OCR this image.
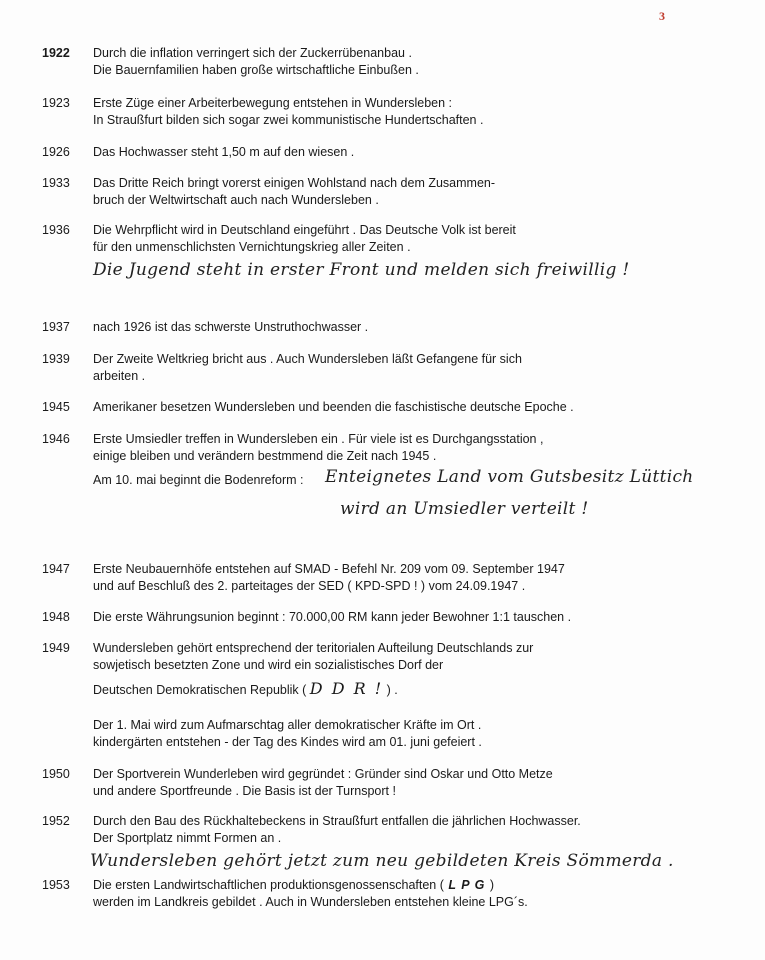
3
1922 Durch die inflation verringert sich der Zuckerrübenanbau .
Die Bauernfamilien haben große wirtschaftliche Einbußen .
1923 Erste Züge einer Arbeiterbewegung entstehen in Wundersleben :
In Straußfurt bilden sich sogar zwei kommunistische Hundertschaften .
1926 Das Hochwasser steht 1,50 m auf den wiesen .
1933 Das Dritte Reich bringt vorerst einigen Wohlstand nach dem Zusammen-
bruch der Weltwirtschaft auch nach Wundersleben .
1936 Die Wehrpflicht wird in Deutschland eingeführt . Das Deutsche Volk ist bereit
für den unmenschlichsten Vernichtungskrieg aller Zeiten .
Die Jugend steht in erster Front und melden sich freiwillig !
1937 nach 1926 ist das schwerste Unstruthochwasser .
1939 Der Zweite Weltkrieg bricht aus . Auch Wundersleben läßt Gefangene für sich
arbeiten .
1945 Amerikaner besetzen Wundersleben und beenden die faschistische deutsche Epoche .
1946 Erste Umsiedler treffen in Wundersleben ein . Für viele ist es Durchgangsstation ,
einige bleiben und verändern bestmmend die Zeit nach 1945 .
Am 10. mai beginnt die Bodenreform :	Enteignetes Land vom Gutsbesitz Lüttich
wird an Umsiedler verteilt !
1947 Erste Neubauernhöfe entstehen auf SMAD - Befehl Nr. 209 vom 09. September 1947
und auf Beschluß des 2. parteitages der SED ( KPD-SPD ! ) vom 24.09.1947 .
1948 Die erste Währungsunion beginnt : 70.000,00 RM kann jeder Bewohner 1:1 tauschen .
1949 Wundersleben gehört entsprechend der teritorialen Aufteilung Deutschlands zur
sowjetisch besetzten Zone und wird ein sozialistisches Dorf der
Deutschen Demokratischen Republik ( D D R ! ) .
Der 1. Mai wird zum Aufmarschtag aller demokratischer Kräfte im Ort .
kindergärten entstehen - der Tag des Kindes wird am 01. juni gefeiert .
1950 Der Sportverein Wunderleben wird gegründet : Gründer sind Oskar und Otto Metze
und andere Sportfreunde . Die Basis ist der Turnsport !
1952 Durch den Bau des Rückhaltebeckens in Straußfurt entfallen die jährlichen Hochwasser.
Der Sportplatz nimmt Formen an .
Wundersleben gehört jetzt zum neu gebildeten Kreis Sömmerda .
1953 Die ersten Landwirtschaftlichen produktionsgenossenschaften ( L P G )
werden im Landkreis gebildet . Auch in Wundersleben entstehen kleine LPG´s.
